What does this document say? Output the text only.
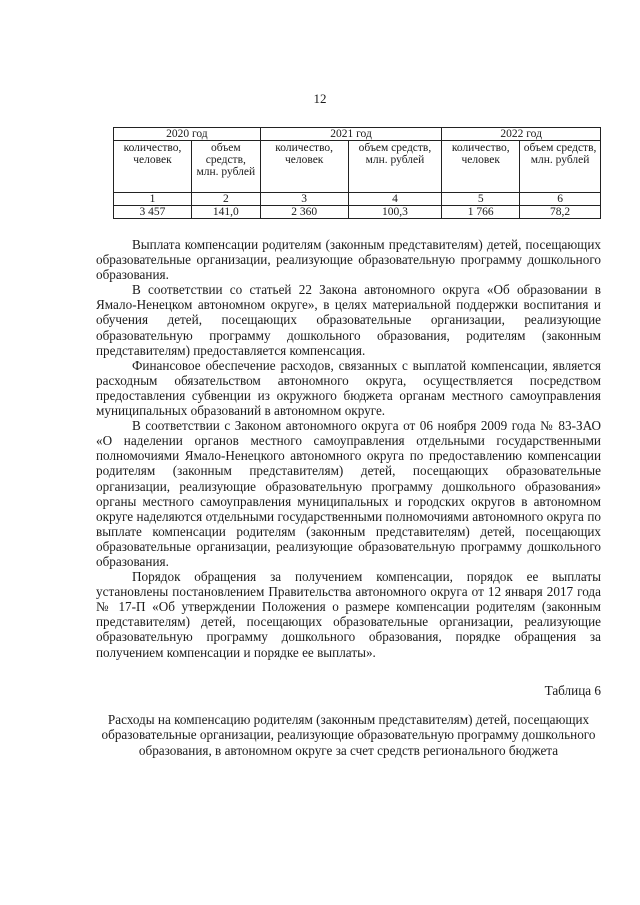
12
2020 год		2021 год		2022 год	
количество, человек	объем средств, млн. рублей	количество, человек	объем средств, млн. рублей	количество, человек	объем средств, млн. рублей
1	2	3	4	5	6
3 457	141,0	2 360	100,3	1 766	78,2

Выплата компенсации родителям (законным представителям) детей, посещающих образовательные организации, реализующие образовательную программу дошкольного образования.

В соответствии со статьей 22 Закона автономного округа «Об образовании в Ямало-Ненецком автономном округе», в целях материальной поддержки воспитания и обучения детей, посещающих образовательные организации, реализующие образовательную программу дошкольного образования, родителям (законным представителям) предоставляется компенсация.

Финансовое обеспечение расходов, связанных с выплатой компенсации, является расходным обязательством автономного округа, осуществляется посредством предоставления субвенции из окружного бюджета органам местного самоуправления муниципальных образований в автономном округе.

В соответствии с Законом автономного округа от 06 ноября 2009 года № 83-ЗАО «О наделении органов местного самоуправления отдельными государственными полномочиями Ямало-Ненецкого автономного округа по предоставлению компенсации родителям (законным представителям) детей, посещающих образовательные организации, реализующие образовательную программу дошкольного образования» органы местного самоуправления муниципальных и городских округов в автономном округе наделяются отдельными государственными полномочиями автономного округа по выплате компенсации родителям (законным представителям) детей, посещающих образовательные организации, реализующие образовательную программу дошкольного образования.

Порядок обращения за получением компенсации, порядок ее выплаты установлены постановлением Правительства автономного округа от 12 января 2017 года № 17-П «Об утверждении Положения о размере компенсации родителям (законным представителям) детей, посещающих образовательные организации, реализующие образовательную программу дошкольного образования, порядке обращения за получением компенсации и порядке ее выплаты».

Таблица 6
Расходы на компенсацию родителям (законным представителям) детей, посещающих образовательные организации, реализующие образовательную программу дошкольного образования, в автономном округе за счет средств регионального бюджета
